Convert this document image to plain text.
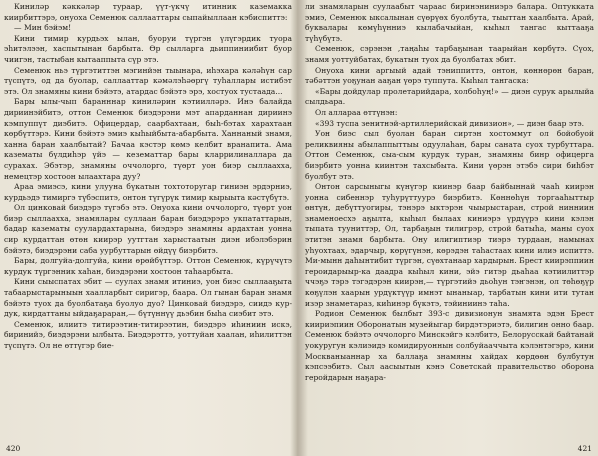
Киниләр кәккәләр тураар, үүт-үкчү итинник каземакка киирбиттэрэ, онуоха Семенюк саллааттары сыпайыллаан кэбиспиттэ:

— Мин бэйэм!

Кини тимир курдьэх ылан, буоруи түргэн үлүгэрдик туора эһитэлээн, хаспытынан барбыта. Өр сылларга дьиппиниибит буор чиигэн, тастыбан кытааппыта сүр этэ.

Семенюк ньэ түргэтиттэн мэгинйэн тыынара, иһэхара кәләһүн сар түспүтэ, од да буолар, саллааттар кәмәлэһәөргү туһаллары истибэт этэ. Ол знамяны кини бэйэтэ, атардас бэйэтэ эрэ, хостуох тустаада...

Бары ылы-чып баранннар киниләрин кэтиилләрэ. Инэ балайда дириинэйбитэ, оттон Семенюк биэдэрэни мэт апарданнан дириинэ кэмпуппүт диэбитэ. Офицердар, саарбахтаан, быһ-бэтах харахтаан көрбүттэрэ. Кини бэйэтэ эмиэ кыһыйбыта-абарбыта. Ханнаный знамя, ханна баран хаалбытай? Бачаа кэстэр көмэ келбит вранапита. Ама казематы бүлдиһэр үйэ — кезематтар бары кларрилиналлара да сурахах. Эбэтэр, знамяны оччолорго, түөрт уон биэр сыллаахха, немецтэр хостоон ылаахтара дуу?

Араа эмиэсэ, кини улууна бүкатын тохтоторугар гиниэн эрдэрниэ, курдьэдэ тимиргэ түбэспитэ, онтон түгүрүк тимир кырыыта кәстүбүтэ.

Ол цинковай биэдэрэ түгэбэ этэ. Онуоха кини оччолорго, түөрт уон биэр сыллаахха, знамялары суллаан баран биэдэрэрэ укпататтарын, бадар казематы суулардахтарына, биэдэрэ знамяны ардахтан уонна сир курдаттан өтөн киирэр уутгтан харыстаатын диэн ибэлэбэрин бэйэтэ, биэдэрэни саба уурбуттарын өйдүү биэрбитэ.

Бары, долгуйа-долгуйа, кини өрөйбүттэр. Оттон Семенюк, күрүчүтэ курдук түргэнник хаһан, биэдэрэни хостоон таһаарбыта.

Кини сыыспатах эбит — суулах знамя итиниэ, уон биэс сыллааҕыта табаарыстарыныын хаалларбыт сиригэр, баара. Ол гынан баран знамя бэйэтэ туох да буолбатаҕа буолуо дуо? Цинковай биэдэрэ, сиидэ курдук, кирдаттаны ыйдаҕараран,— бүтүннүү дьэбин быһа сиэбит этэ.

Семенюк, илиитэ титирээтин-титирээтин, биэдэрэ иһиниин искэ, биринийэ, биэдэрэни ылбыта. Биэдэрэттэ, уоттуйан хаалан, иһилиттэн түспүтэ. Ол не өттүгэр бие-

420

ли знамяларын суулаабыт чараас биринэниниэрэ балара. Оптукката эмиэ, Семенюк ыксалынан сүөрүөх буолбута, тыыттан хаалбыта. Арай, буквалары көмүһүнниэ кылабачыйан, кыһыл тангас кыттааҕа түһүбүтэ.

Семенюк, сэрэнэн ,таңаһы тарбаҕынан таарыйан көрбүтэ. Сүох, знамя уоттуйбатах, букатын туох да буолбатах эбит.

Онуоха кини аргыый адай тэниппиттэ, онтон, көннөрөн баран, тәбәттэн уоҕунан ааҕан үөрэ туппута. Кыһыл тангаска:

«Бары дойдулар пролетарийдара, холбоһуң!» — диэн сурук арылыйа сылдьара.

Ол аллараа өттүнэн:

«393 туспа зенитнэй-артиллерийскай дивизион», — диэн баар этэ.

Уон биэс сыл буолан баран сиртэн хостоммут ол бойобуой реликвияны абылаппыттыы одуулаһан, бары саната суох турбуттара. Оттон Семенюк, сыа-сым курдук туран, знамяны бинр офицерга биэрбитэ уонна киинтэн тахсыбыта. Кини үөрэн этэбэ сири биһбэт буолбут этэ.

Онтон сарсыныгы күнүгэр киинэр баар байбыннай чааһ киирэн уонна сибеннэр туһурүттуурэ биэрбитэ. Көннөһүн торгааһыттыр өнтүн, дебүттуогиры, тэнэрэ ыктэрэн чыырыстаран, строй нинниин знаменоесхэ аҕылта, кыһыл былаах киниэрэ үрдүүрэ кини кэлэн тыпата тууниттэр, Ол, тарбаҕын тилигрэр, строй батыһа, маны суох этитэн знамя барбыта. Ону илигиптиэр тиэрэ турдаан, намынах уһуохтаах, эдарчыр, көрүгүнэн, көрэдэн таһастаах кини илиэ испиттэ. Ми-мынн даһынтибит түргэн, сүөхтанаар хардырын. Брест киирэппиин героидарыыр-ка даадра кыһыл кини, эйэ гитэр дьаһаа кэтиилиттэр ччэҕэ тэрэ тэгэдэрэн киирэн,— түргэтийэ дьоһун тэҥэнэн, ол төһөҕүр көҕүлэн хаарын урдүктүүр имнэт ынаныар, тарбатын кини ити тутан изэр знаметараз, киһинэр бүкэтэ, тэйиниинэ таһа.

Родион Семенюк былбыт 393-с дивизионун знамята эдэн Брест киириэпиин Оборонатын музейыгар бирдэтэриэтэ, билигин онно баар. Семенюк бэйэтэ оччолорго Минскэйгэ кэлбитэ, Белорусскай байтанай уокуругун кэлиэидэ комидируоннын солбуйааччыта кэлэнтэгэрэ, кини Москваныаннар ха баллаҕа знамяны хайдах көрдөөн булбутун кэпсээбитэ. Сыл аасыытын кэнэ Советскай правительство оборона геройдарын наҕара-

421
